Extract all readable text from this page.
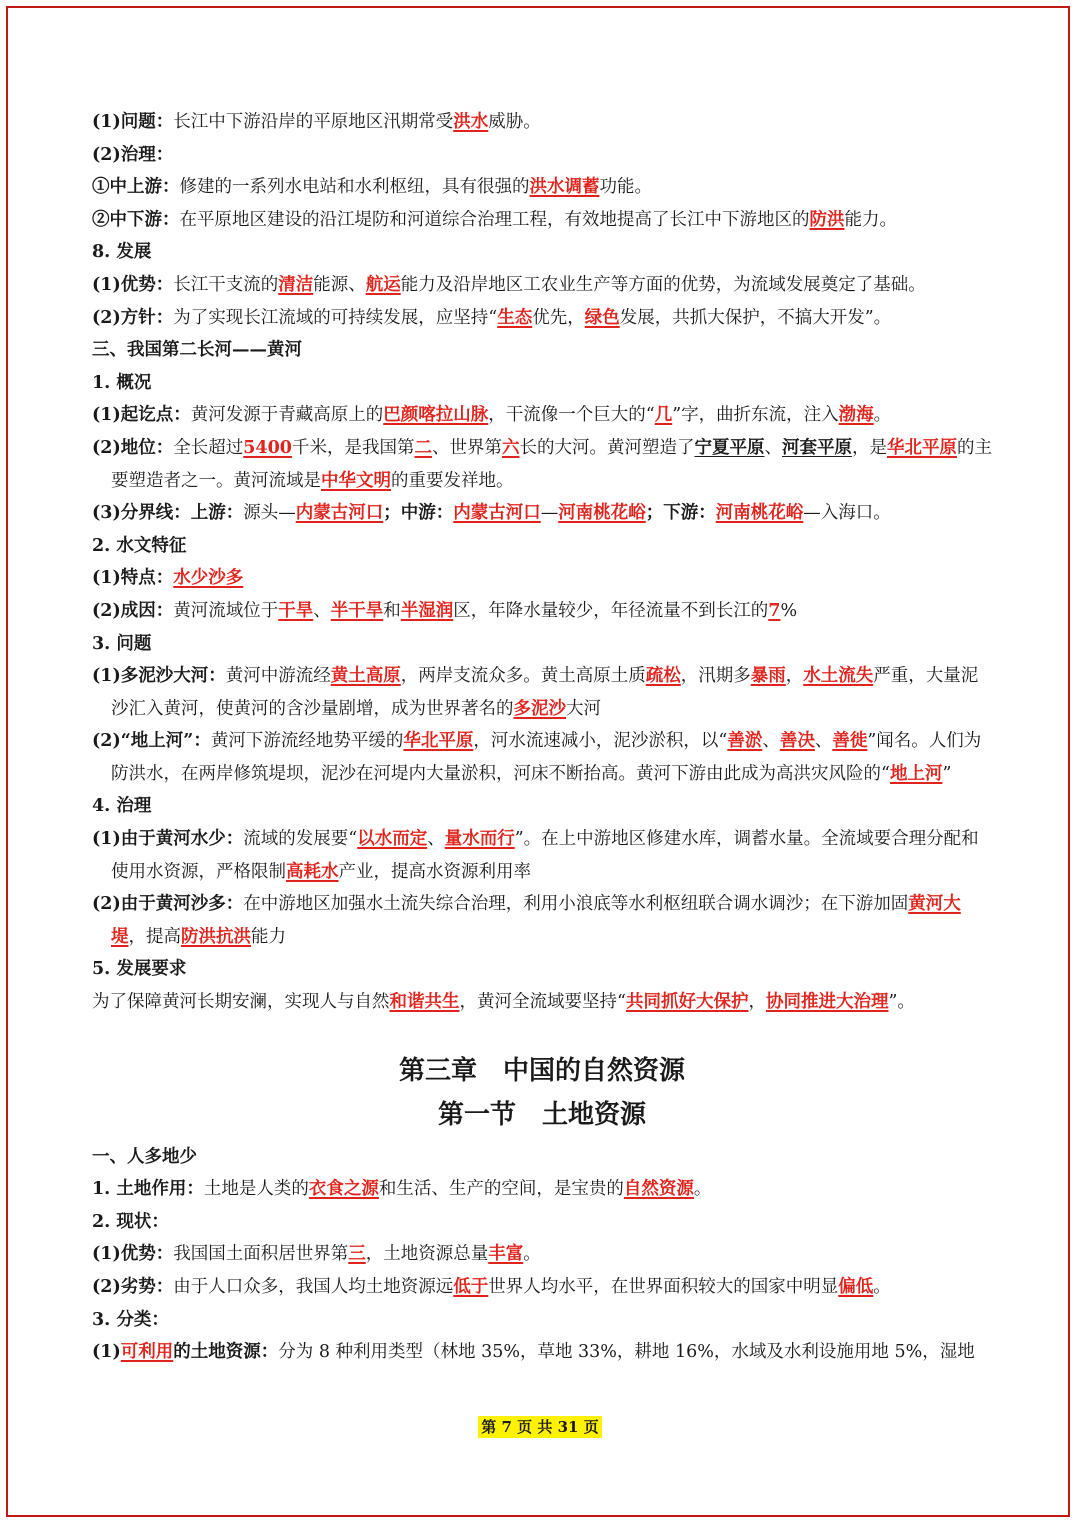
(1)问题：长江中下游沿岸的平原地区汛期常受洪水威胁。
(2)治理：
①中上游：修建的一系列水电站和水利枢纽，具有很强的洪水调蓄功能。
②中下游：在平原地区建设的沿江堤防和河道综合治理工程，有效地提高了长江中下游地区的防洪能力。
8. 发展
(1)优势：长江干支流的清洁能源、航运能力及沿岸地区工农业生产等方面的优势，为流域发展奠定了基础。
(2)方针：为了实现长江流域的可持续发展，应坚持“生态优先，绿色发展，共抓大保护，不搞大开发”。
三、我国第二长河——黄河
1. 概况
(1)起讫点：黄河发源于青藏高原上的巴颜喀拉山脉，干流像一个巨大的“几”字，曲折东流，注入渤海。
(2)地位：全长超过5400千米，是我国第二、世界第六长的大河。黄河塑造了宁夏平原、河套平原，是华北平原的主要塑造者之一。黄河流域是中华文明的重要发祥地。
(3)分界线：上游：源头—内蒙古河口；中游：内蒙古河口—河南桃花峪；下游：河南桃花峪—入海口。
2. 水文特征
(1)特点：水少沙多
(2)成因：黄河流域位于干旱、半干旱和半湿润区，年降水量较少，年径流量不到长江的7%
3. 问题
(1)多泥沙大河：黄河中游流经黄土高原，两岸支流众多。黄土高原土质疏松，汛期多暴雨，水土流失严重，大量泥沙汇入黄河，使黄河的含沙量剧增，成为世界著名的多泥沙大河
(2)“地上河”：黄河下游流经地势平缓的华北平原，河水流速减小，泥沙淤积，以“善淤、善决、善徙”闻名。人们为防洪水，在两岸修筑堤坝，泥沙在河堤内大量淤积，河床不断抬高。黄河下游由此成为高洪灾风险的“地上河”
4. 治理
(1)由于黄河水少：流域的发展要“以水而定、量水而行”。在上中游地区修建水库，调蓄水量。全流域要合理分配和使用水资源，严格限制高耗水产业，提高水资源利用率
(2)由于黄河沙多：在中游地区加强水土流失综合治理，利用小浪底等水利枢纽联合调水调沙；在下游加固黄河大堤，提高防洪抗洪能力
5. 发展要求
为了保障黄河长期安澜，实现人与自然和谐共生，黄河全流域要坚持“共同抓好大保护，协同推进大治理”。
第三章　中国的自然资源
第一节　土地资源
一、人多地少
1. 土地作用：土地是人类的衣食之源和生活、生产的空间，是宝贵的自然资源。
2. 现状：
(1)优势：我国国土面积居世界第三，土地资源总量丰富。
(2)劣势：由于人口众多，我国人均土地资源远低于世界人均水平，在世界面积较大的国家中明显偏低。
3. 分类：
(1)可利用的土地资源：分为 8 种利用类型（林地 35%，草地 33%，耕地 16%，水域及水利设施用地 5%，湿地
第 7 页 共 31 页
